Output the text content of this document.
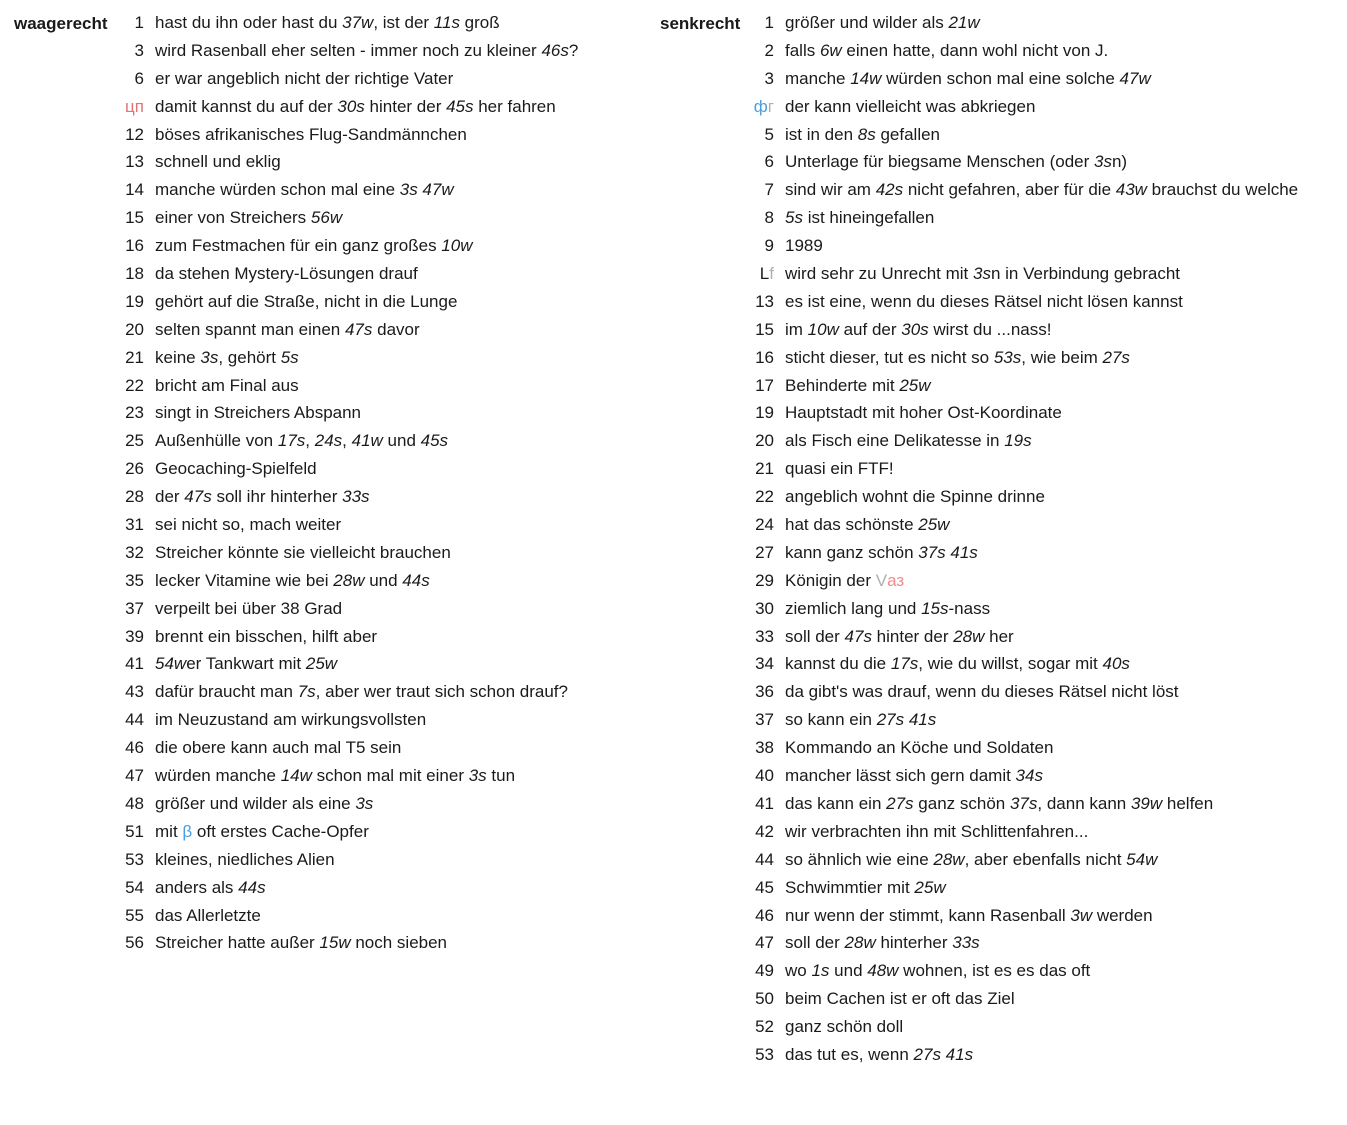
waagerecht	1 hast du ihn oder hast du 37w, ist der 11s groß
3 wird Rasenball eher selten - immer noch zu kleiner 46s?
6 er war angeblich nicht der richtige Vater
цп damit kannst du auf der 30s hinter der 45s her fahren
12 böses afrikanisches Flug-Sandmännchen
13 schnell und eklig
14 manche würden schon mal eine 3s 47w
15 einer von Streichers 56w
16 zum Festmachen für ein ganz großes 10w
18 da stehen Mystery-Lösungen drauf
19 gehört auf die Straße, nicht in die Lunge
20 selten spannt man einen 47s davor
21 keine 3s, gehört 5s
22 bricht am Final aus
23 singt in Streichers Abspann
25 Außenhülle von 17s, 24s, 41w und 45s
26 Geocaching-Spielfeld
28 der 47s soll ihr hinterher 33s
31 sei nicht so, mach weiter
32 Streicher könnte sie vielleicht brauchen
35 lecker Vitamine wie bei 28w und 44s
37 verpeilt bei über 38 Grad
39 brennt ein bisschen, hilft aber
41 54wer Tankwart mit 25w
43 dafür braucht man 7s, aber wer traut sich schon drauf?
44 im Neuzustand am wirkungsvollsten
46 die obere kann auch mal T5 sein
47 würden manche 14w schon mal mit einer 3s tun
48 größer und wilder als eine 3s
51 mit β oft erstes Cache-Opfer
53 kleines, niedliches Alien
54 anders als 44s
55 das Allerletzte
56 Streicher hatte außer 15w noch sieben
senkrecht	1 größer und wilder als 21w
2 falls 6w einen hatte, dann wohl nicht von J.
3 manche 14w würden schon mal eine solche 47w
фг der kann vielleicht was abkriegen
5 ist in den 8s gefallen
6 Unterlage für biegsame Menschen (oder 3sn)
7 sind wir am 42s nicht gefahren, aber für die 43w brauchst du welche
8 5s ist hineingefallen
9 1989
Lf wird sehr zu Unrecht mit 3sn in Verbindung gebracht
13 es ist eine, wenn du dieses Rätsel nicht lösen kannst
15 im 10w auf der 30s wirst du ...nass!
16 sticht dieser, tut es nicht so 53s, wie beim 27s
17 Behinderte mit 25w
19 Hauptstadt mit hoher Ost-Koordinate
20 als Fisch eine Delikatesse in 19s
21 quasi ein FTF!
22 angeblich wohnt die Spinne drinne
24 hat das schönste 25w
27 kann ganz schön 37s 41s
29 Königin der Vаз
30 ziemlich lang und 15s-nass
33 soll der 47s hinter der 28w her
34 kannst du die 17s, wie du willst, sogar mit 40s
36 da gibt's was drauf, wenn du dieses Rätsel nicht löst
37 so kann ein 27s 41s
38 Kommando an Köche und Soldaten
40 mancher lässt sich gern damit 34s
41 das kann ein 27s ganz schön 37s, dann kann 39w helfen
42 wir verbrachten ihn mit Schlittenfahren...
44 so ähnlich wie eine 28w, aber ebenfalls nicht 54w
45 Schwimmtier mit 25w
46 nur wenn der stimmt, kann Rasenball 3w werden
47 soll der 28w hinterher 33s
49 wo 1s und 48w wohnen, ist es es das oft
50 beim Cachen ist er oft das Ziel
52 ganz schön doll
53 das tut es, wenn 27s 41s
